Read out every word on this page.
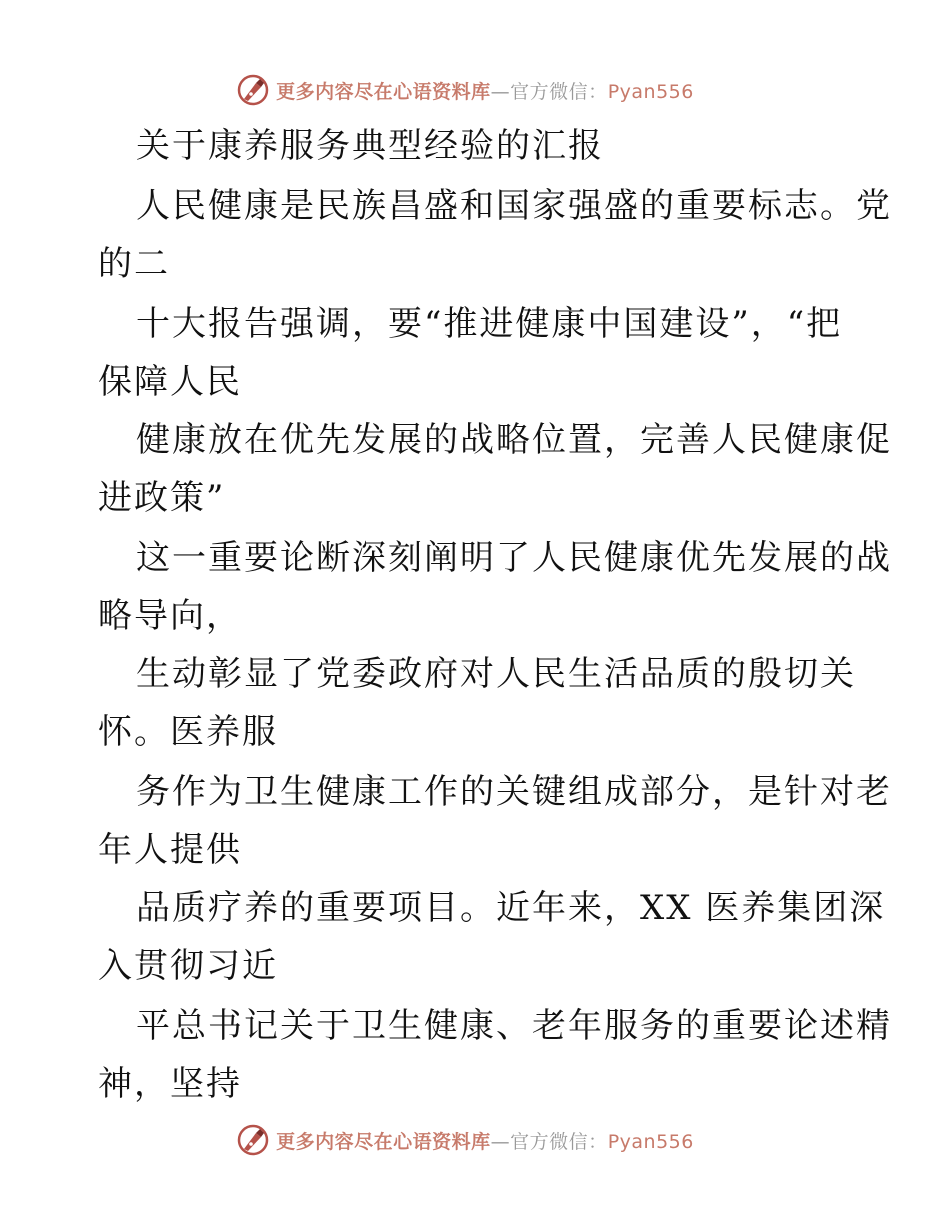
更多内容尽在心语资料库—官方微信：Pyan556
关于康养服务典型经验的汇报
人民健康是民族昌盛和国家强盛的重要标志。党
的二
十大报告强调，要“推进健康中国建设”，“把
保障人民
健康放在优先发展的战略位置，完善人民健康促
进政策”
这一重要论断深刻阐明了人民健康优先发展的战
略导向，
生动彰显了党委政府对人民生活品质的殷切关
怀。医养服
务作为卫生健康工作的关键组成部分，是针对老
年人提供
品质疗养的重要项目。近年来，XX 医养集团深
入贯彻习近
平总书记关于卫生健康、老年服务的重要论述精
神，坚持
更多内容尽在心语资料库—官方微信：Pyan556
